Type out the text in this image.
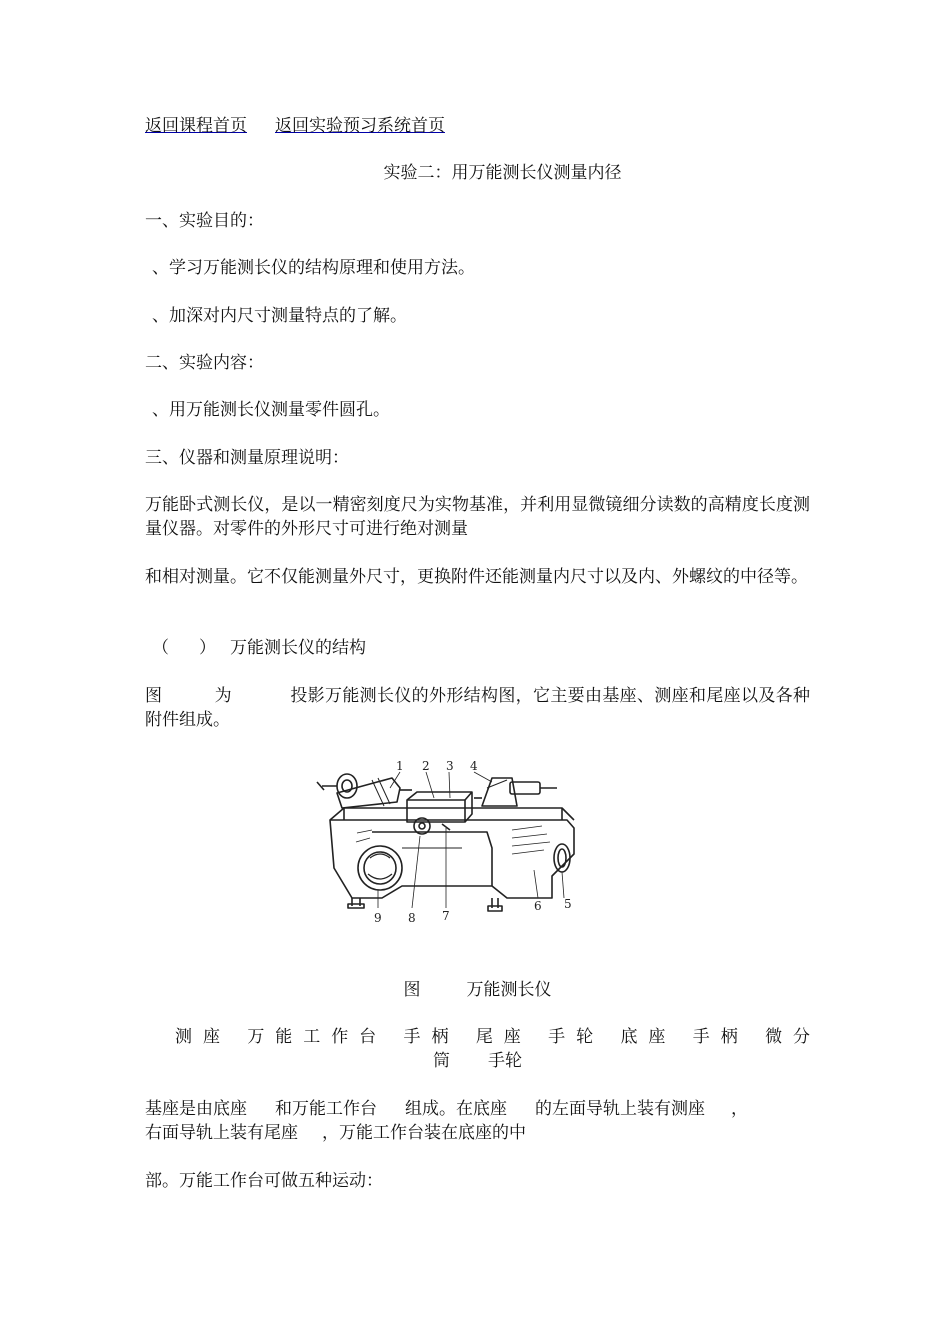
返回课程首页 返回实验预习系统首页
实验二：用万能测长仪测量内径
一、实验目的：
、学习万能测长仪的结构原理和使用方法。
、加深对内尺寸测量特点的了解。
二、实验内容：
、用万能测长仪测量零件圆孔。
三、仪器和测量原理说明：
万能卧式测长仪，是以一精密刻度尺为实物基准，并利用显微镜细分读数的高精度长度测量仪器。对零件的外形尺寸可进行绝对测量
和相对测量。它不仅能测量外尺寸，更换附件还能测量内尺寸以及内、外螺纹的中径等。
（ ） 万能测长仪的结构
图	为	投影万能测长仪的外形结构图，它主要由基座、测座和尾座以及各种附件组成。
1 2 3 4
5
6
7
8
9
图	万能测长仪
测座 万能工作台 手柄 尾座 手轮 底座 手柄 微分
筒 手轮
基座是由底座 和万能工作台 组成。在底座 的左面导轨上装有测座 ，
右面导轨上装有尾座 ，万能工作台装在底座的中
部。万能工作台可做五种运动：
